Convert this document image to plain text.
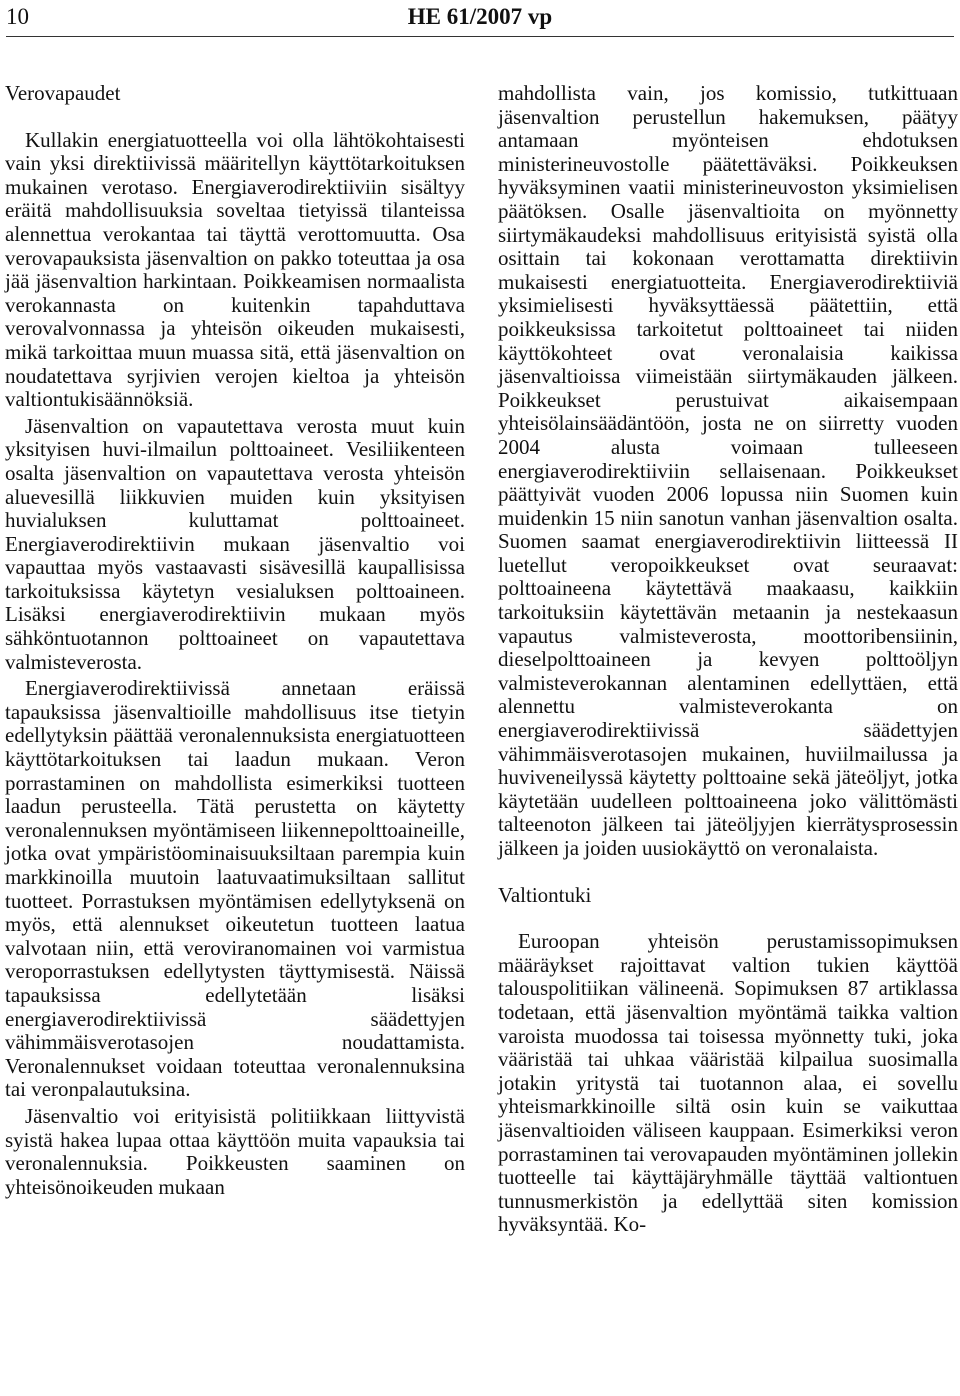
10	HE 61/2007 vp
Verovapaudet

Kullakin energiatuotteella voi olla lähtökohtaisesti vain yksi direktiivissä määritellyn käyttötarkoituksen mukainen verotaso. Energiaverodirektiiviin sisältyy eräitä mahdollisuuksia soveltaa tietyissä tilanteissa alennettua verokantaa tai täyttä verottomuutta. Osa verovapauksista jäsenvaltion on pakko toteuttaa ja osa jää jäsenvaltion harkintaan. Poikkeamisen normaalista verokannasta on kuitenkin tapahduttava verovalvonnassa ja yhteisön oikeuden mukaisesti, mikä tarkoittaa muun muassa sitä, että jäsenvaltion on noudatettava syrjivien verojen kieltoa ja yhteisön valtiontukisäännöksiä.

Jäsenvaltion on vapautettava verosta muut kuin yksityisen huvi-ilmailun polttoaineet. Vesiliikenteen osalta jäsenvaltion on vapautettava verosta yhteisön aluevesillä liikkuvien muiden kuin yksityisen huvialuksen kuluttamat polttoaineet. Energiaverodirektiivin mukaan jäsenvaltio voi vapauttaa myös vastaavasti sisävesillä kaupallisissa tarkoituksissa käytetyn vesialuksen polttoaineen. Lisäksi energiaverodirektiivin mukaan myös sähköntuotannon polttoaineet on vapautettava valmisteverosta.

Energiaverodirektiivissä annetaan eräissä tapauksissa jäsenvaltioille mahdollisuus itse tietyin edellytyksin päättää veronalennuksista energiatuotteen käyttötarkoituksen tai laadun mukaan. Veron porrastaminen on mahdollista esimerkiksi tuotteen laadun perusteella. Tätä perustetta on käytetty veronalennuksen myöntämiseen liikennepolttoaineille, jotka ovat ympäristöominaisuuksiltaan parempia kuin markkinoilla muutoin laatuvaatimuksiltaan sallitut tuotteet. Porrastuksen myöntämisen edellytyksenä on myös, että alennukset oikeutetun tuotteen laatua valvotaan niin, että veroviranomainen voi varmistua veroporrastuksen edellytysten täyttymisestä. Näissä tapauksissa edellytetään lisäksi energiaverodirektiivissä säädettyjen vähimmäisverotasojen noudattamista. Veronalennukset voidaan toteuttaa veronalennuksina tai veronpalautuksina.

Jäsenvaltio voi erityisistä politiikkaan liittyvistä syistä hakea lupaa ottaa käyttöön muita vapauksia tai veronalennuksia. Poikkeusten saaminen on yhteisönoikeuden mukaan

mahdollista vain, jos komissio, tutkittuaan jäsenvaltion perustellun hakemuksen, päätyy antamaan myönteisen ehdotuksen ministerineuvostolle päätettäväksi. Poikkeuksen hyväksyminen vaatii ministerineuvoston yksimielisen päätöksen. Osalle jäsenvaltioita on myönnetty siirtymäkaudeksi mahdollisuus erityisistä syistä olla osittain tai kokonaan verottamatta direktiivin mukaisesti energiatuotteita. Energiaverodirektiiviä yksimielisesti hyväksyttäessä päätettiin, että poikkeuksissa tarkoitetut polttoaineet tai niiden käyttökohteet ovat veronalaisia kaikissa jäsenvaltioissa viimeistään siirtymäkauden jälkeen. Poikkeukset perustuivat aikaisempaan yhteisölainsäädäntöön, josta ne on siirretty vuoden 2004 alusta voimaan tulleeseen energiaverodirektiiviin sellaisenaan. Poikkeukset päättyivät vuoden 2006 lopussa niin Suomen kuin muidenkin 15 niin sanotun vanhan jäsenvaltion osalta. Suomen saamat energiaverodirektiivin liitteessä II luetellut veropoikkeukset ovat seuraavat: polttoaineena käytettävä maakaasu, kaikkiin tarkoituksiin käytettävän metaanin ja nestekaasun vapautus valmisteverosta, moottoribensiinin, dieselpolttoaineen ja kevyen polttoöljyn valmisteverokannan alentaminen edellyttäen, että alennettu valmisteverokanta on energiaverodirektiivissä säädettyjen vähimmäisverotasojen mukainen, huviilmailussa ja huviveneilyssä käytetty polttoaine sekä jäteöljyt, jotka käytetään uudelleen polttoaineena joko välittömästi talteenoton jälkeen tai jäteöljyjen kierrätysprosessin jälkeen ja joiden uusiokäyttö on veronalaista.

Valtiontuki

Euroopan yhteisön perustamissopimuksen määräykset rajoittavat valtion tukien käyttöä talouspolitiikan välineenä. Sopimuksen 87 artiklassa todetaan, että jäsenvaltion myöntämä taikka valtion varoista muodossa tai toisessa myönnetty tuki, joka vääristää tai uhkaa vääristää kilpailua suosimalla jotakin yritystä tai tuotannon alaa, ei sovellu yhteismarkkinoille siltä osin kuin se vaikuttaa jäsenvaltioiden väliseen kauppaan. Esimerkiksi veron porrastaminen tai verovapauden myöntäminen jollekin tuotteelle tai käyttäjäryhmälle täyttää valtiontuen tunnusmerkistön ja edellyttää siten komission hyväksyntää. Ko-
